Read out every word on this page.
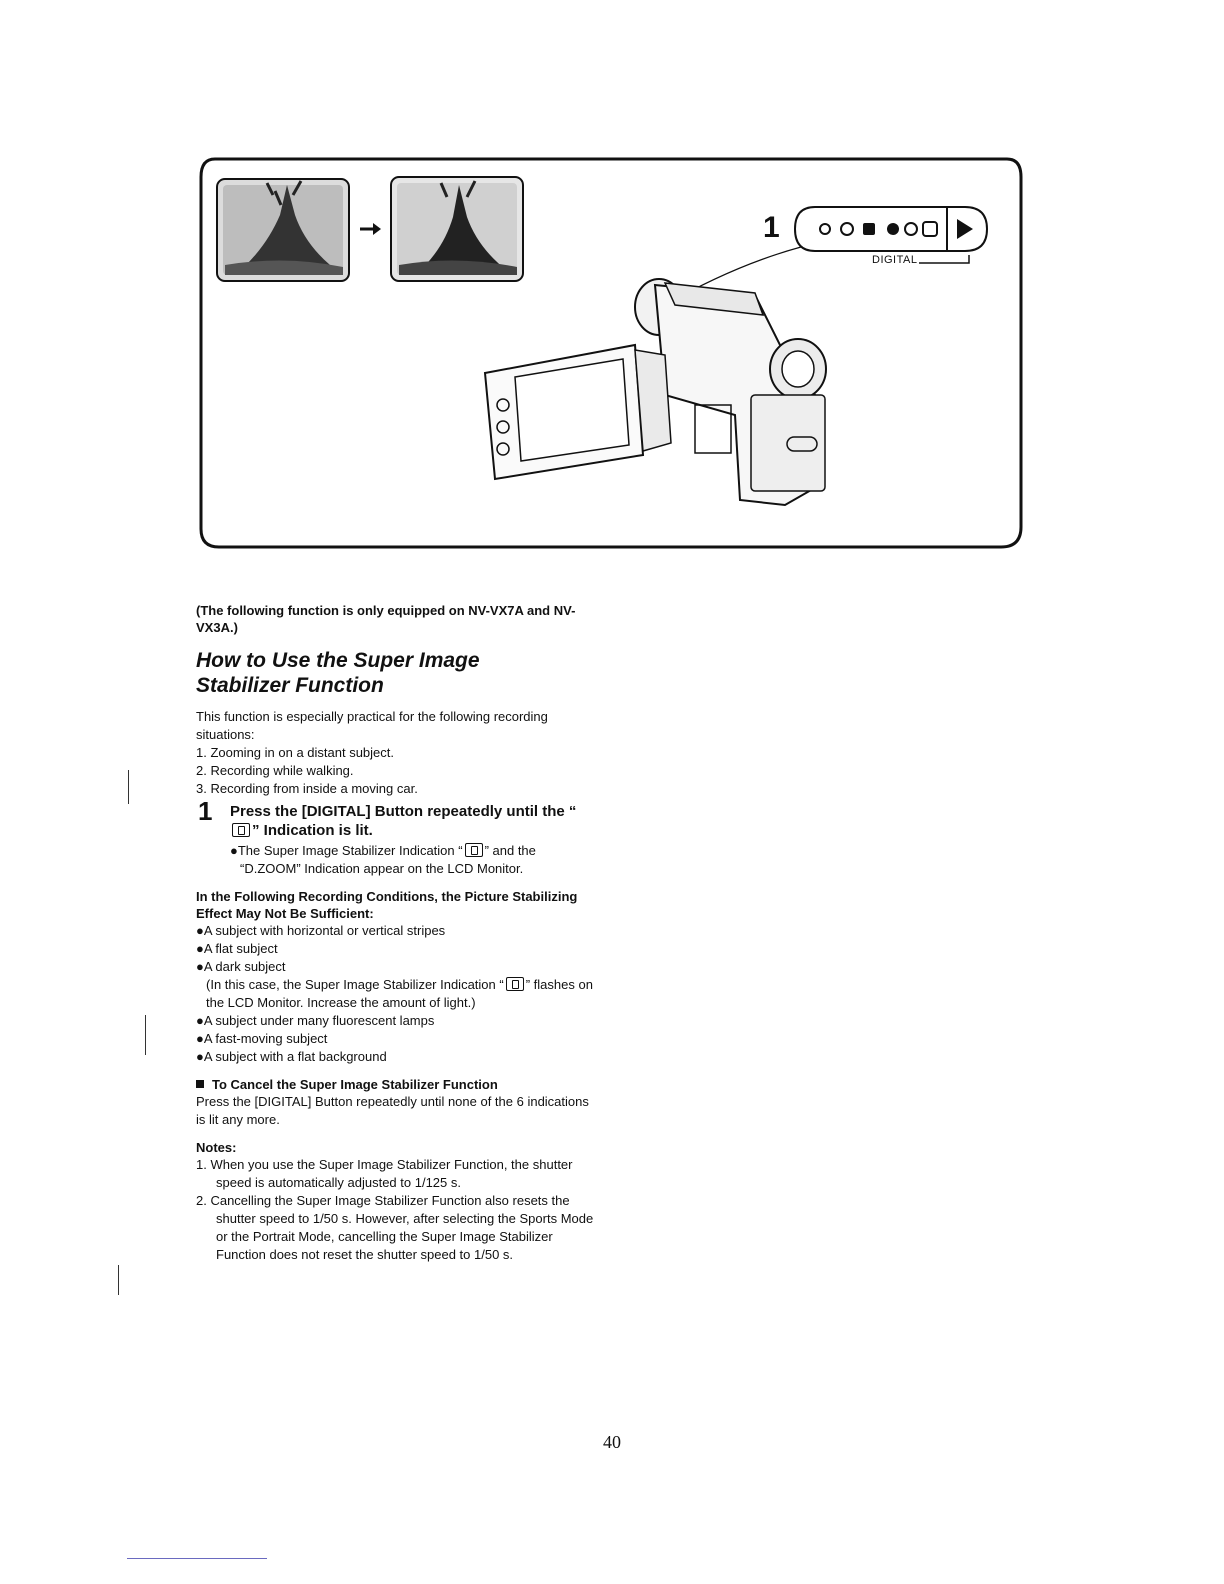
1
DIGITAL

(The following function is only equipped on NV-VX7A and NV-VX3A.)

How to Use the Super Image
Stabilizer Function

This function is especially practical for the following recording situations:

1. Zooming in on a distant subject.
2. Recording while walking.
3. Recording from inside a moving car.
1 Press the [DIGITAL] Button repeatedly until the “” Indication is lit.
●The Super Image Stabilizer Indication “ ” and the “D.ZOOM” Indication appear on the LCD Monitor.
In the Following Recording Conditions, the Picture Stabilizing Effect May Not Be Sufficient:
●A subject with horizontal or vertical stripes
●A flat subject
●A dark subject
(In this case, the Super Image Stabilizer Indication “ ” flashes on the LCD Monitor. Increase the amount of light.)
●A subject under many fluorescent lamps
●A fast-moving subject
●A subject with a flat background
To Cancel the Super Image Stabilizer Function

Press the [DIGITAL] Button repeatedly until none of the 6 indications is lit any more.

Notes:
1. When you use the Super Image Stabilizer Function, the shutter speed is automatically adjusted to 1/125 s.
2. Cancelling the Super Image Stabilizer Function also resets the shutter speed to 1/50 s. However, after selecting the Sports Mode or the Portrait Mode, cancelling the Super Image Stabilizer Function does not reset the shutter speed to 1/50 s.
40
